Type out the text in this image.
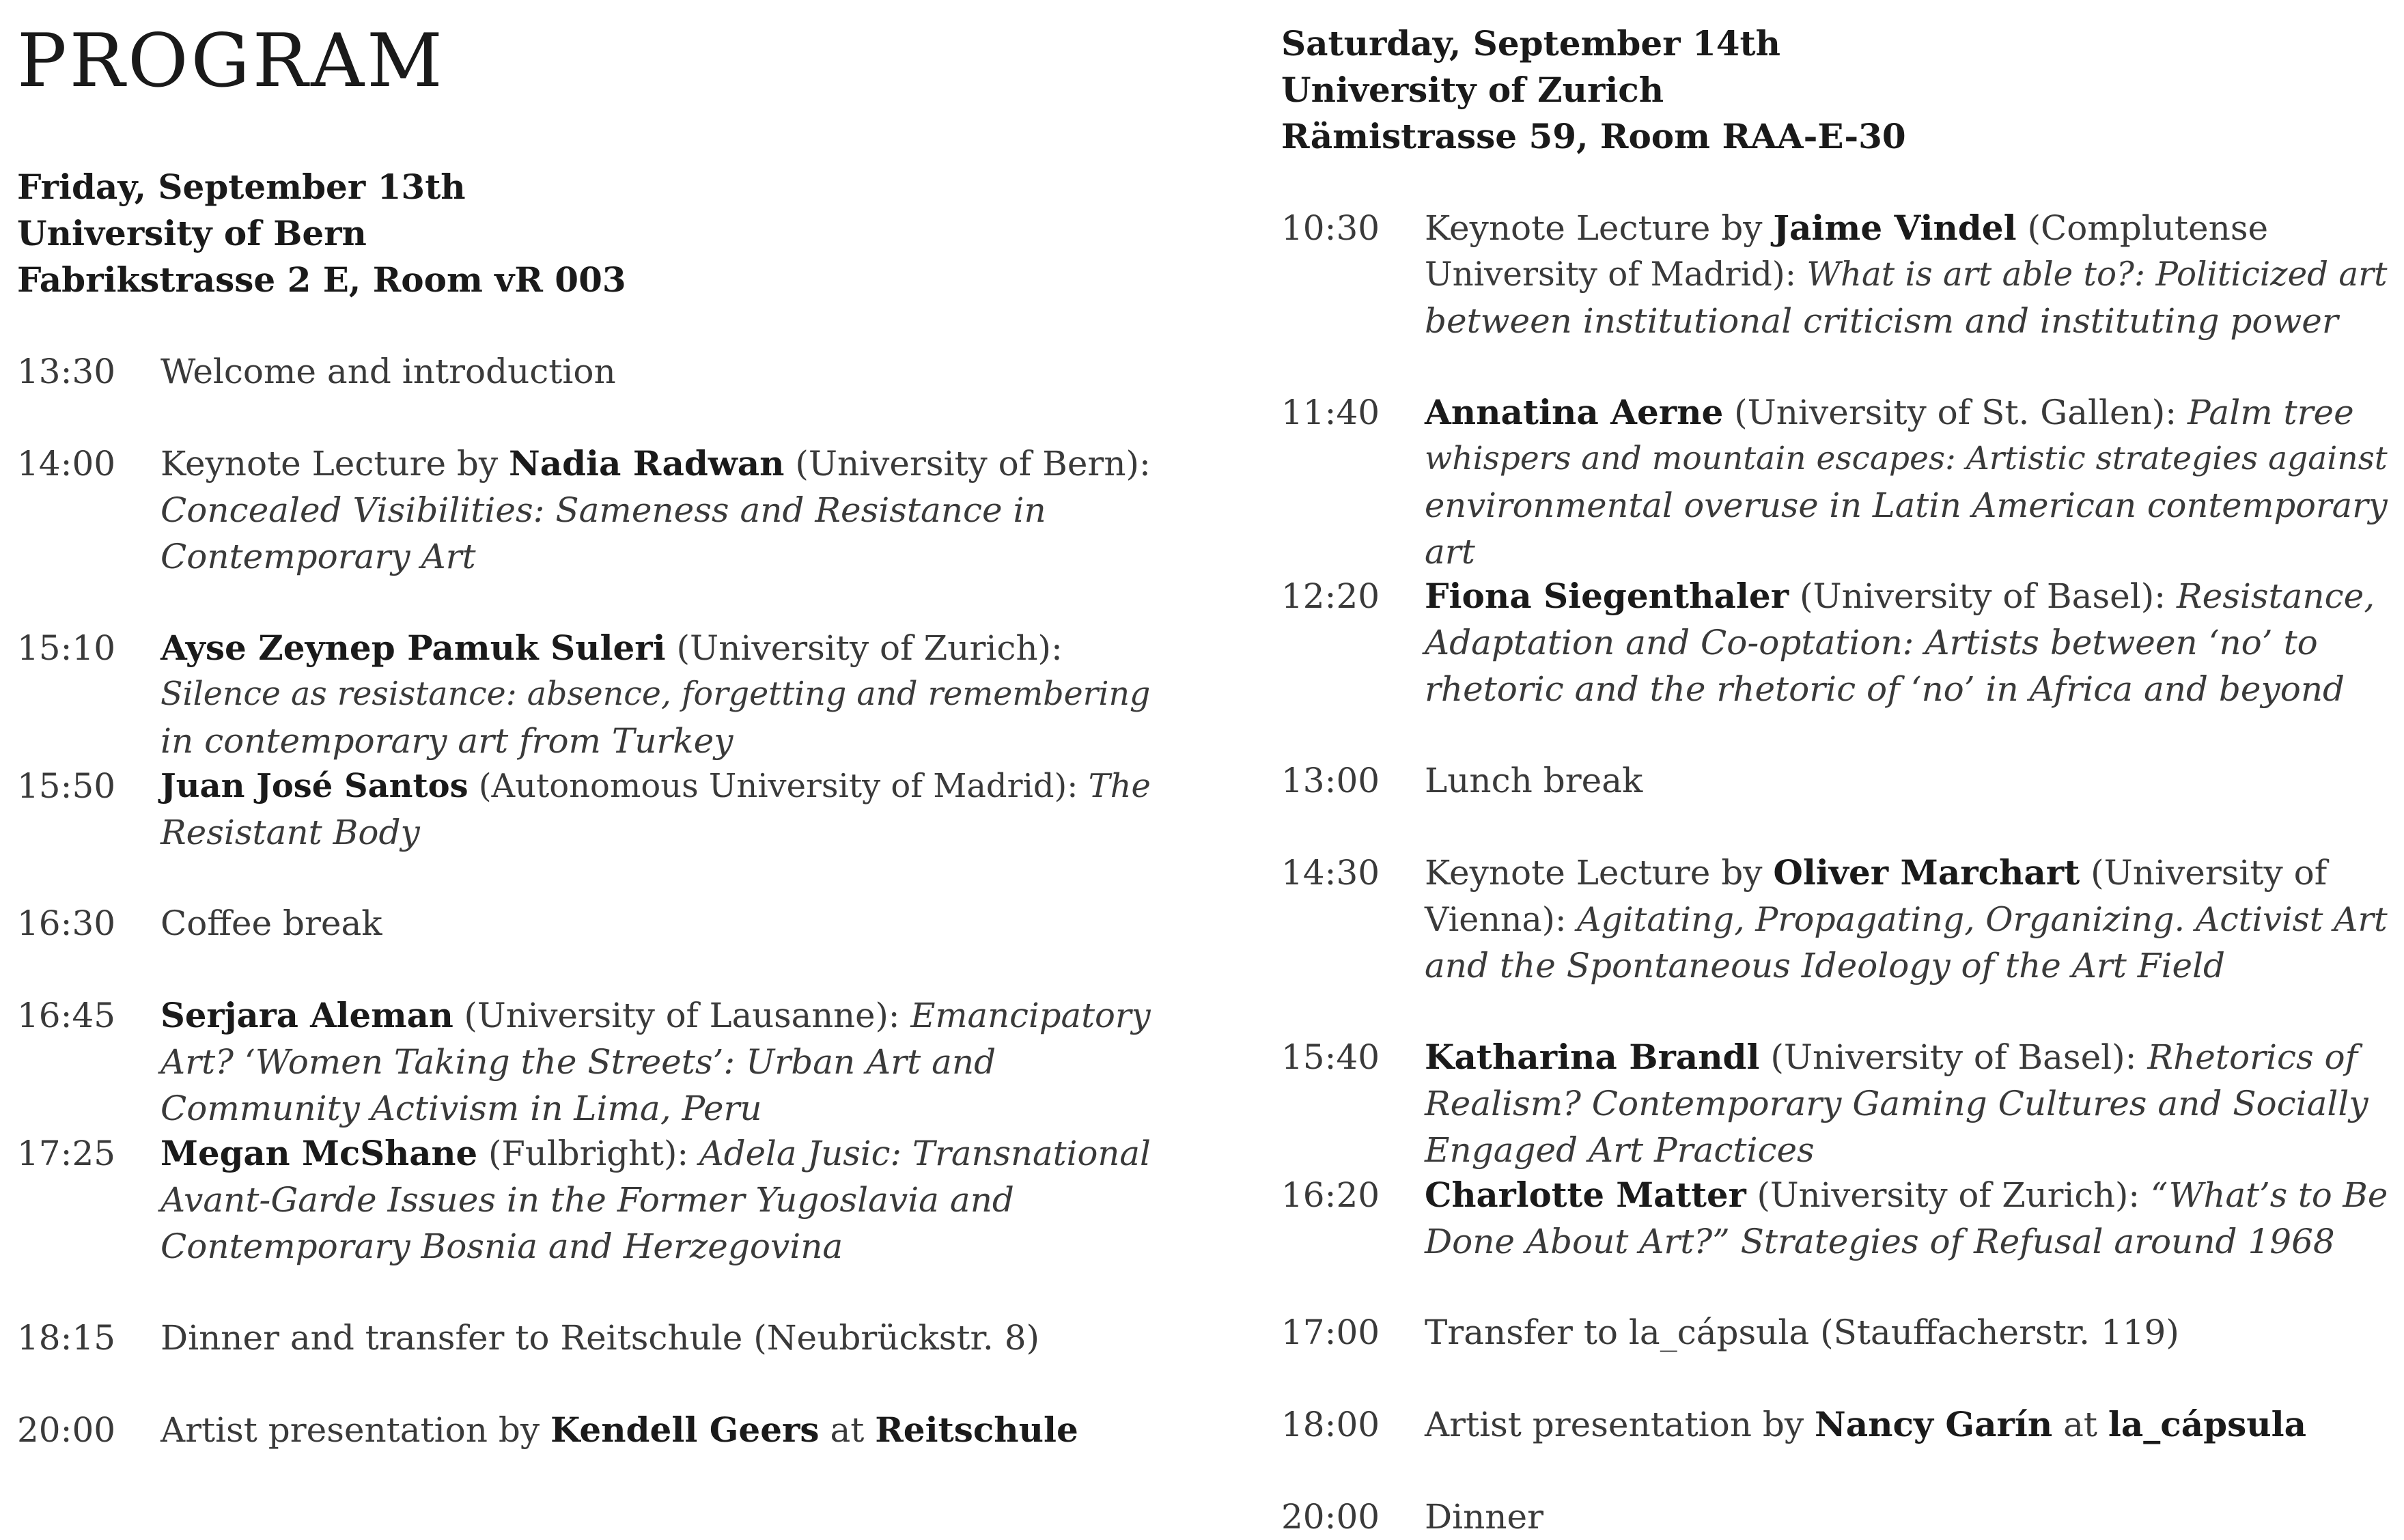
PROGRAM
Friday, September 13th
University of Bern
Fabrikstrasse 2 E, Room vR 003
13:30	Welcome and introduction
14:00	Keynote Lecture by Nadia Radwan (University of Bern):
Concealed Visibilities: Sameness and Resistance in
Contemporary Art
15:10	Ayse Zeynep Pamuk Suleri (University of Zurich):
Silence as resistance: absence, forgetting and remembering
in contemporary art from Turkey
15:50	Juan José Santos (Autonomous University of Madrid): The
Resistant Body
16:30	Coffee break
16:45	Serjara Aleman (University of Lausanne): Emancipatory
Art? ‘Women Taking the Streets’: Urban Art and
Community Activism in Lima, Peru
17:25	Megan McShane (Fulbright): Adela Jusic: Transnational
Avant-Garde Issues in the Former Yugoslavia and
Contemporary Bosnia and Herzegovina
18:15	Dinner and transfer to Reitschule (Neubrückstr. 8)
20:00	Artist presentation by Kendell Geers at Reitschule
Saturday, September 14th
University of Zurich
Rämistrasse 59, Room RAA-E-30
10:30	Keynote Lecture by Jaime Vindel (Complutense
University of Madrid): What is art able to?: Politicized art
between institutional criticism and instituting power
11:40	Annatina Aerne (University of St. Gallen): Palm tree
whispers and mountain escapes: Artistic strategies against
environmental overuse in Latin American contemporary
art
12:20	Fiona Siegenthaler (University of Basel): Resistance,
Adaptation and Co-optation: Artists between ‘no’ to
rhetoric and the rhetoric of ‘no’ in Africa and beyond
13:00	Lunch break
14:30	Keynote Lecture by Oliver Marchart (University of
Vienna): Agitating, Propagating, Organizing. Activist Art
and the Spontaneous Ideology of the Art Field
15:40	Katharina Brandl (University of Basel): Rhetorics of
Realism? Contemporary Gaming Cultures and Socially
Engaged Art Practices
16:20	Charlotte Matter (University of Zurich): “What’s to Be
Done About Art?” Strategies of Refusal around 1968
17:00	Transfer to la_cápsula (Stauffacherstr. 119)
18:00	Artist presentation by Nancy Garín at la_cápsula
20:00	Dinner
